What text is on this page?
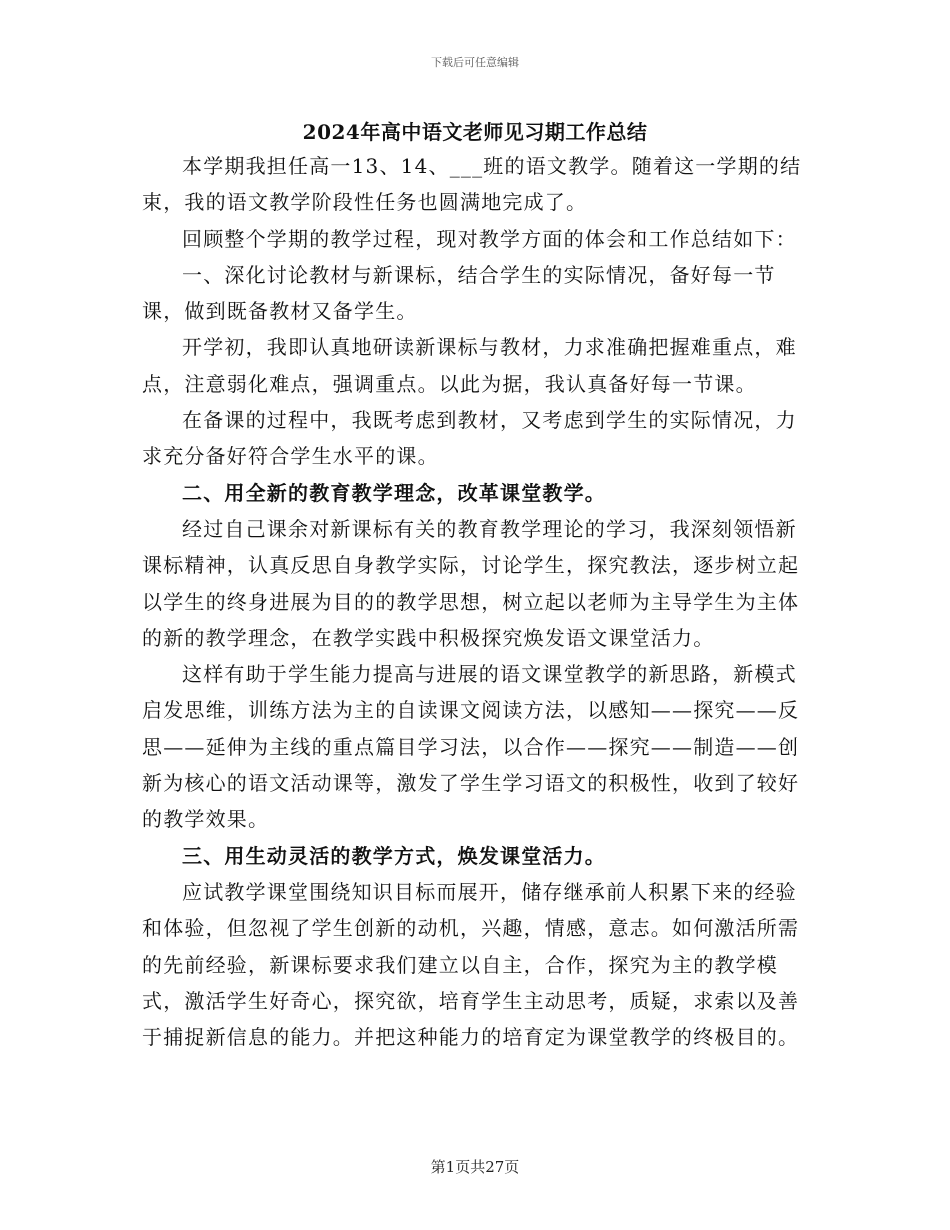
下载后可任意编辑
2024年高中语文老师见习期工作总结

本学期我担任高一13、14、___班的语文教学。随着这一学期的结束，我的语文教学阶段性任务也圆满地完成了。

回顾整个学期的教学过程，现对教学方面的体会和工作总结如下：

一、深化讨论教材与新课标，结合学生的实际情况，备好每一节课，做到既备教材又备学生。

开学初，我即认真地研读新课标与教材，力求准确把握难重点，难点，注意弱化难点，强调重点。以此为据，我认真备好每一节课。

在备课的过程中，我既考虑到教材，又考虑到学生的实际情况，力求充分备好符合学生水平的课。

二、用全新的教育教学理念，改革课堂教学。

经过自己课余对新课标有关的教育教学理论的学习，我深刻领悟新课标精神，认真反思自身教学实际，讨论学生，探究教法，逐步树立起以学生的终身进展为目的的教学思想，树立起以老师为主导学生为主体的新的教学理念，在教学实践中积极探究焕发语文课堂活力。

这样有助于学生能力提高与进展的语文课堂教学的新思路，新模式启发思维，训练方法为主的自读课文阅读方法，以感知——探究——反思——延伸为主线的重点篇目学习法，以合作——探究——制造——创新为核心的语文活动课等，激发了学生学习语文的积极性，收到了较好的教学效果。

三、用生动灵活的教学方式，焕发课堂活力。

应试教学课堂围绕知识目标而展开，储存继承前人积累下来的经验和体验，但忽视了学生创新的动机，兴趣，情感，意志。如何激活所需的先前经验，新课标要求我们建立以自主，合作，探究为主的教学模式，激活学生好奇心，探究欲，培育学生主动思考，质疑，求索以及善于捕捉新信息的能力。并把这种能力的培育定为课堂教学的终极目的。

第1页共27页
